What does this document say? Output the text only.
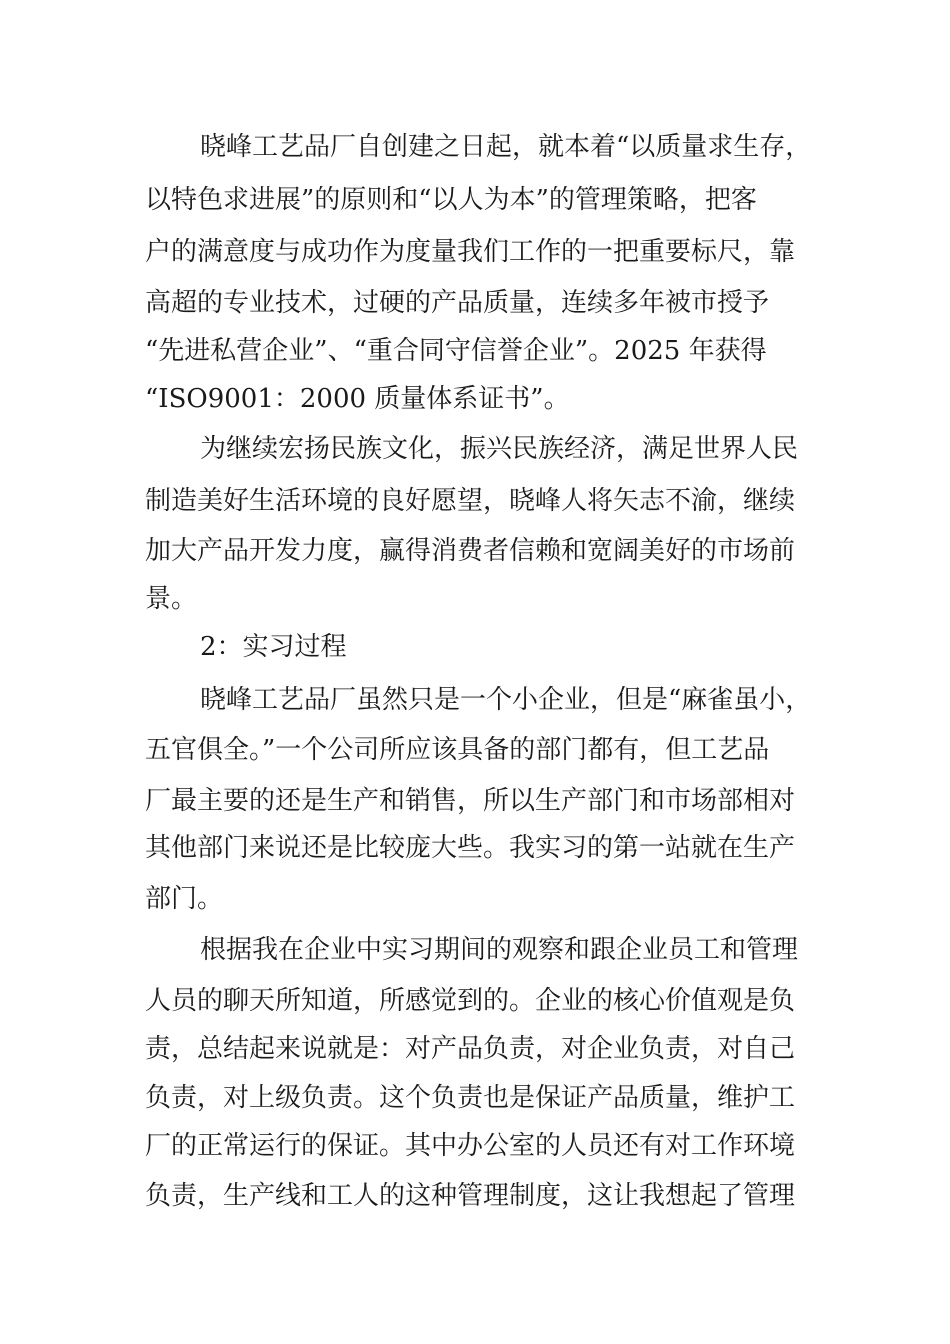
晓峰工艺品厂自创建之日起，就本着“以质量求生存，
以特色求进展”的原则和“以人为本”的管理策略，把客
户的满意度与成功作为度量我们工作的一把重要标尺，靠
高超的专业技术，过硬的产品质量，连续多年被市授予
“先进私营企业”、“重合同守信誉企业”。2025 年获得
“ISO9001：2000 质量体系证书”。
为继续宏扬民族文化，振兴民族经济，满足世界人民
制造美好生活环境的良好愿望，晓峰人将矢志不渝，继续
加大产品开发力度，赢得消费者信赖和宽阔美好的市场前
景。
2：实习过程
晓峰工艺品厂虽然只是一个小企业，但是“麻雀虽小，
五官俱全。”一个公司所应该具备的部门都有，但工艺品
厂最主要的还是生产和销售，所以生产部门和市场部相对
其他部门来说还是比较庞大些。我实习的第一站就在生产
部门。
根据我在企业中实习期间的观察和跟企业员工和管理
人员的聊天所知道，所感觉到的。企业的核心价值观是负
责，总结起来说就是：对产品负责，对企业负责，对自己
负责，对上级负责。这个负责也是保证产品质量，维护工
厂的正常运行的保证。其中办公室的人员还有对工作环境
负责，生产线和工人的这种管理制度，这让我想起了管理
